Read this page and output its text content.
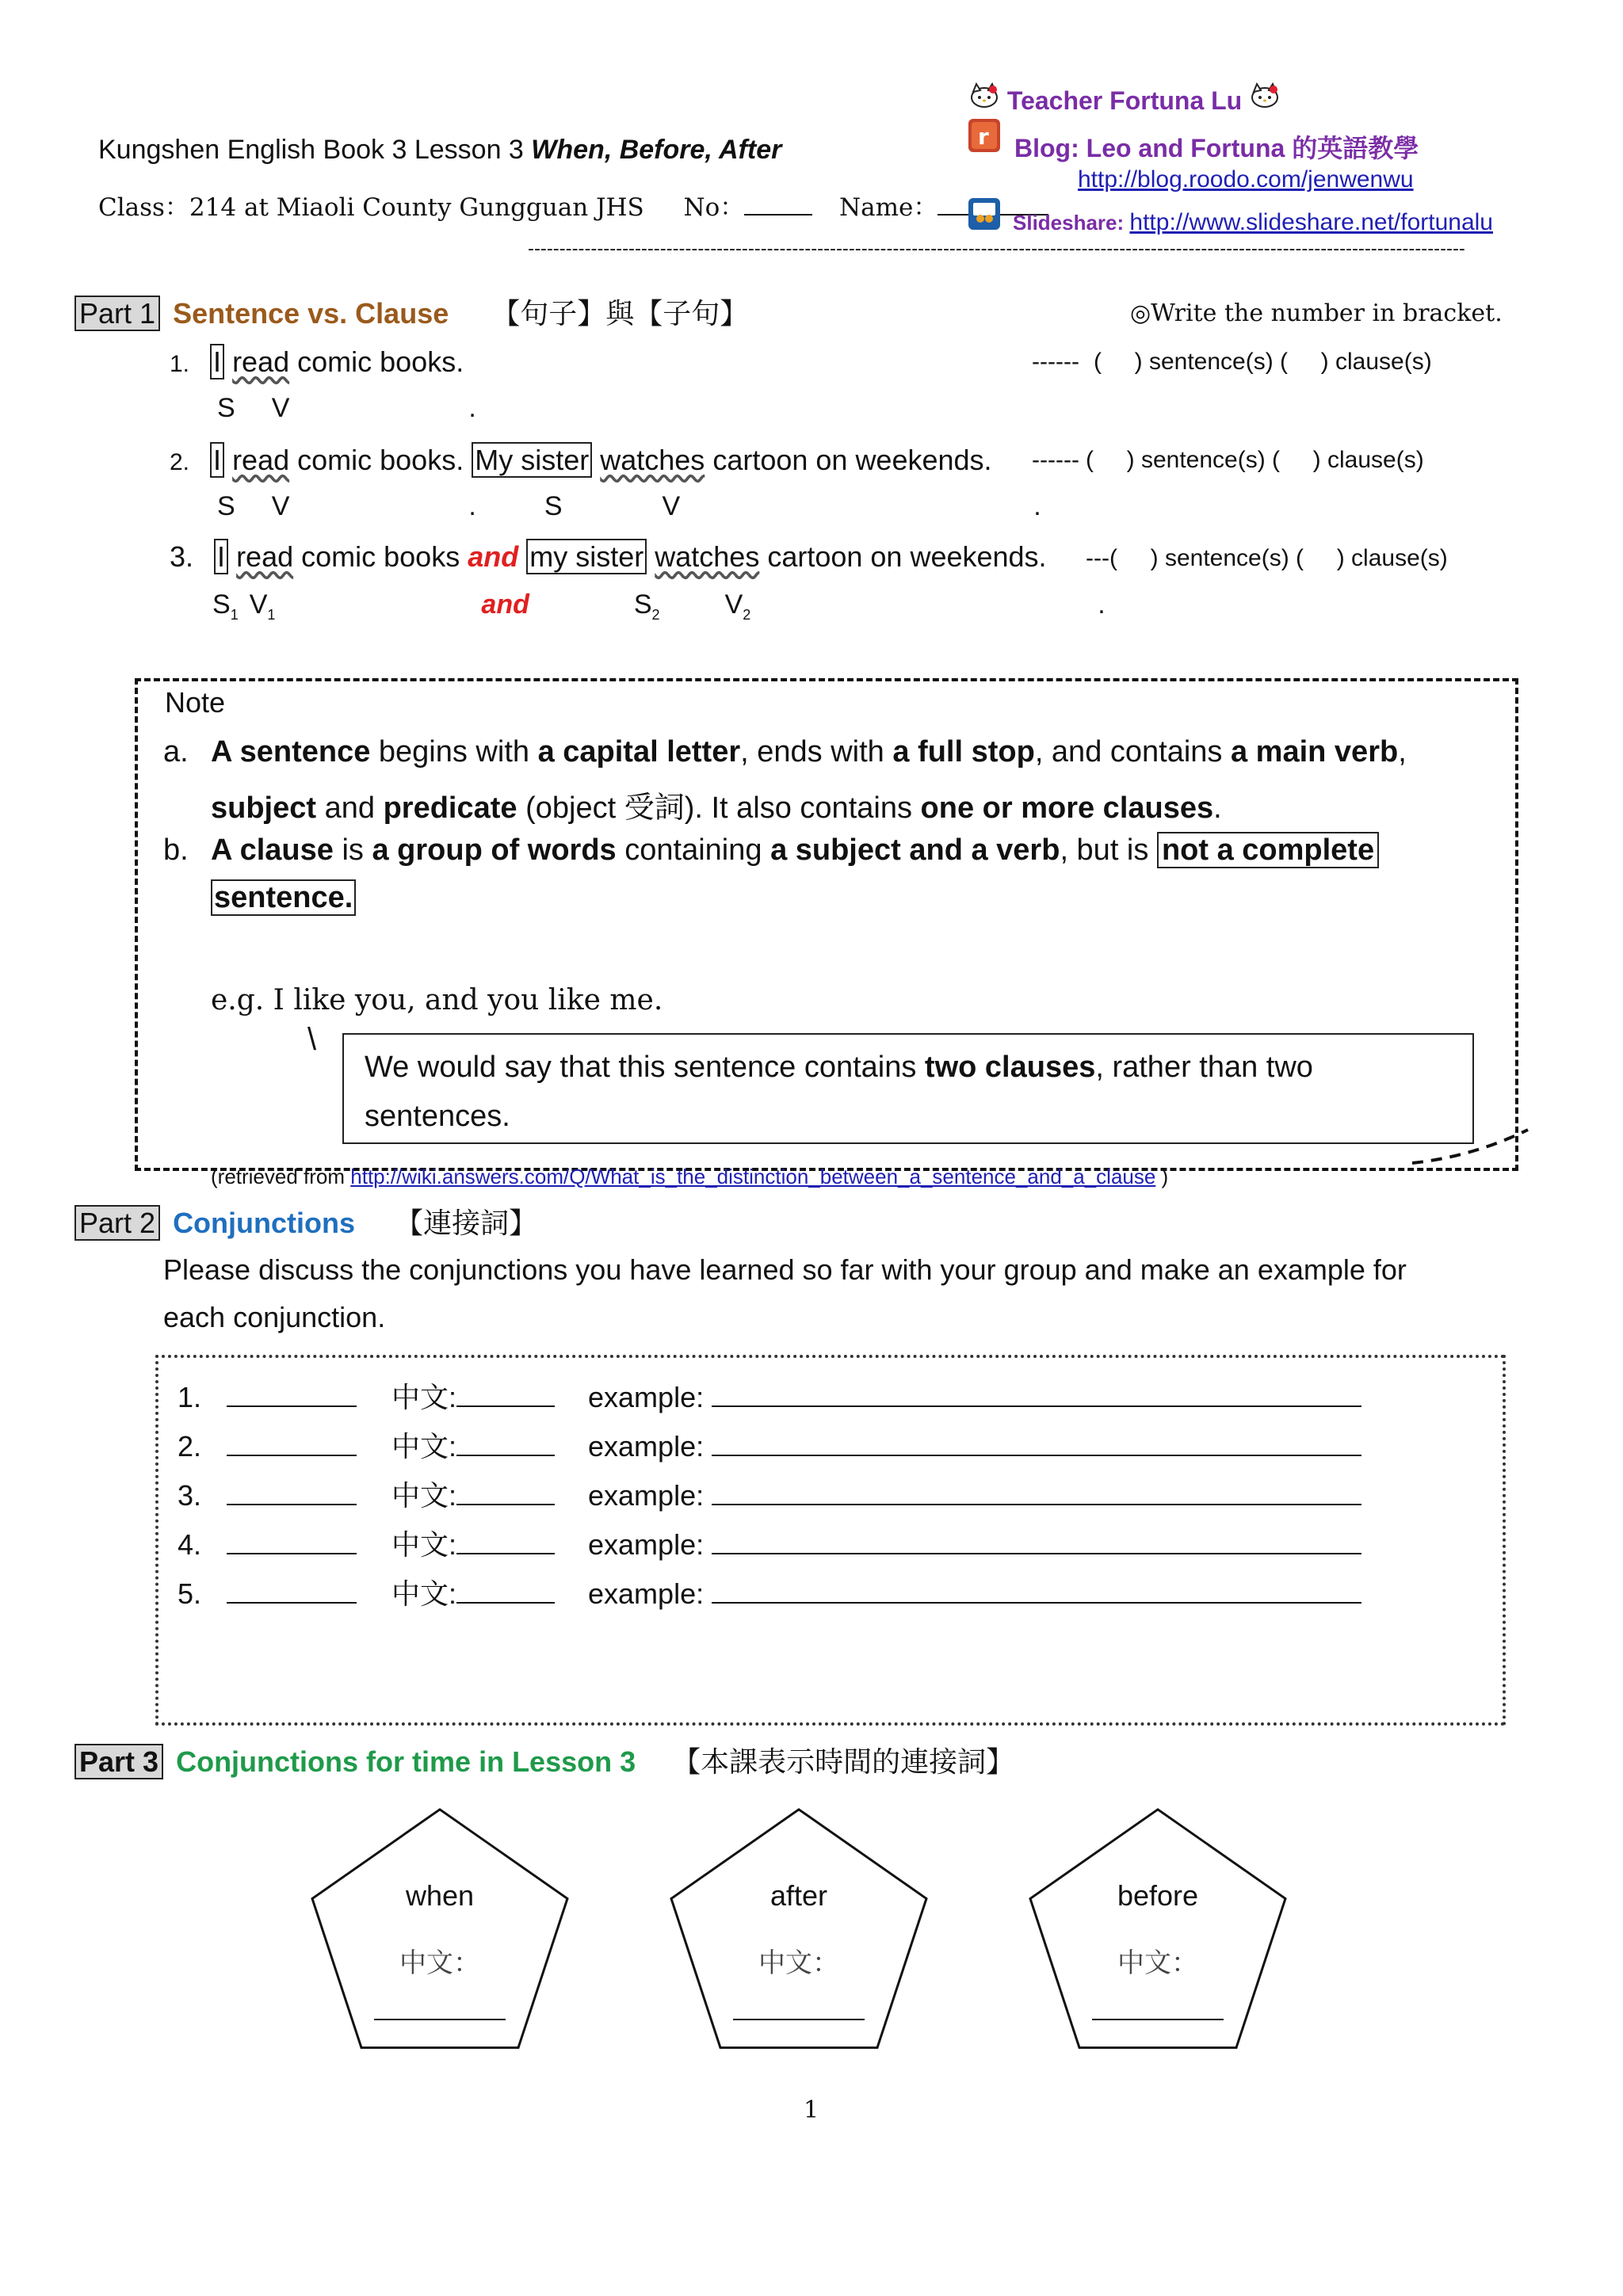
Kungshen English Book 3 Lesson 3 When, Before, After
Class：214 at Miaoli County Gungguan JHS No：	Name：
Teacher Fortuna Lu
r Blog: Leo and Fortuna 的英語教學
http://blog.roodo.com/jenwenwu
Slideshare: http://www.slideshare.net/fortunalu
-----------------------------------------------------------------------------------------------------------------------------------------------------
Part 1 Sentence vs. Clause 【句子】與【子句】	◎Write the number in bracket.
1. I read comic books.	------ (     ) sentence(s) (     ) clause(s)
S V	.
2. I read comic books. My sister watches cartoon on weekends. ------ (     ) sentence(s) (     ) clause(s)
S V	.	S	V	.
3. I read comic books and my sister watches cartoon on weekends. ---(     ) sentence(s) (     ) clause(s)
$S_1$ $V_1$	and	$S_2$ $V_2$	.
Note
a. A sentence begins with a capital letter, ends with a full stop, and contains a main verb,
subject and predicate (object 受詞). It also contains one or more clauses.
b. A clause is a group of words containing a subject and a verb, but is not a complete
sentence.
e.g. I like you, and you like me.
\
We would say that this sentence contains two clauses, rather than two
sentences.
(retrieved from http://wiki.answers.com/Q/What_is_the_distinction_between_a_sentence_and_a_clause )
Part 2 Conjunctions 【連接詞】
Please discuss the conjunctions you have learned so far with your group and make an example for
each conjunction.
1.	中文:	example:
2.	中文:	example:
3.	中文:	example:
4.	中文:	example:
5.	中文:	example:
Part 3 Conjunctions for time in Lesson 3 【本課表示時間的連接詞】
when
中文：
after
中文：
before
中文：
1
